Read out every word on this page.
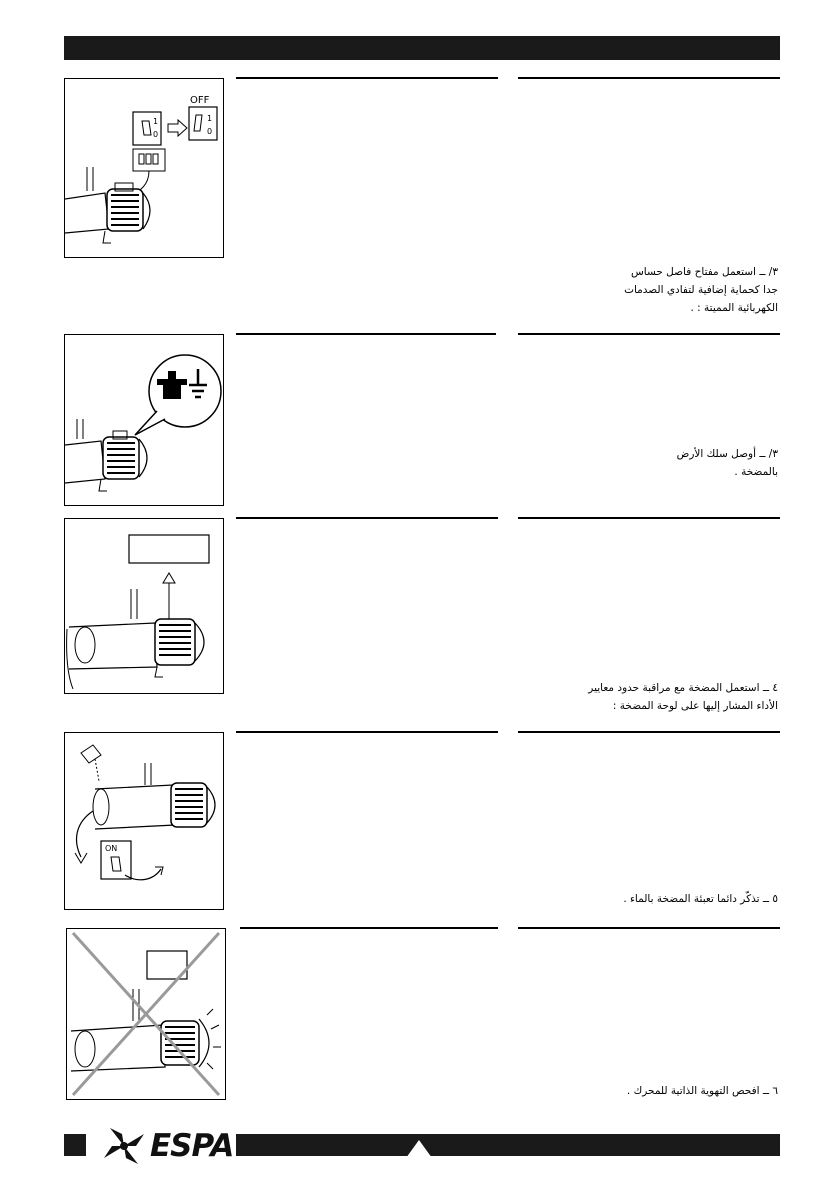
1
0
OFF
1
0
٣/ ــ استعمل مفتاح فاصل حساس
جدا كحماية إضافية لتفادي الصدمات
الكهربائية المميتة : .
٣/ ــ أوصل سلك الأرض
بالمضخة .
٤ ــ استعمل المضخة مع مراقبة حدود معايير
الأداء المشار إليها على لوحة المضخة :
ON
٥ ــ تذكّر دائما تعبئة المضخة بالماء .
٦ ــ افحص التهوية الذاتية للمحرك .
ESPA
